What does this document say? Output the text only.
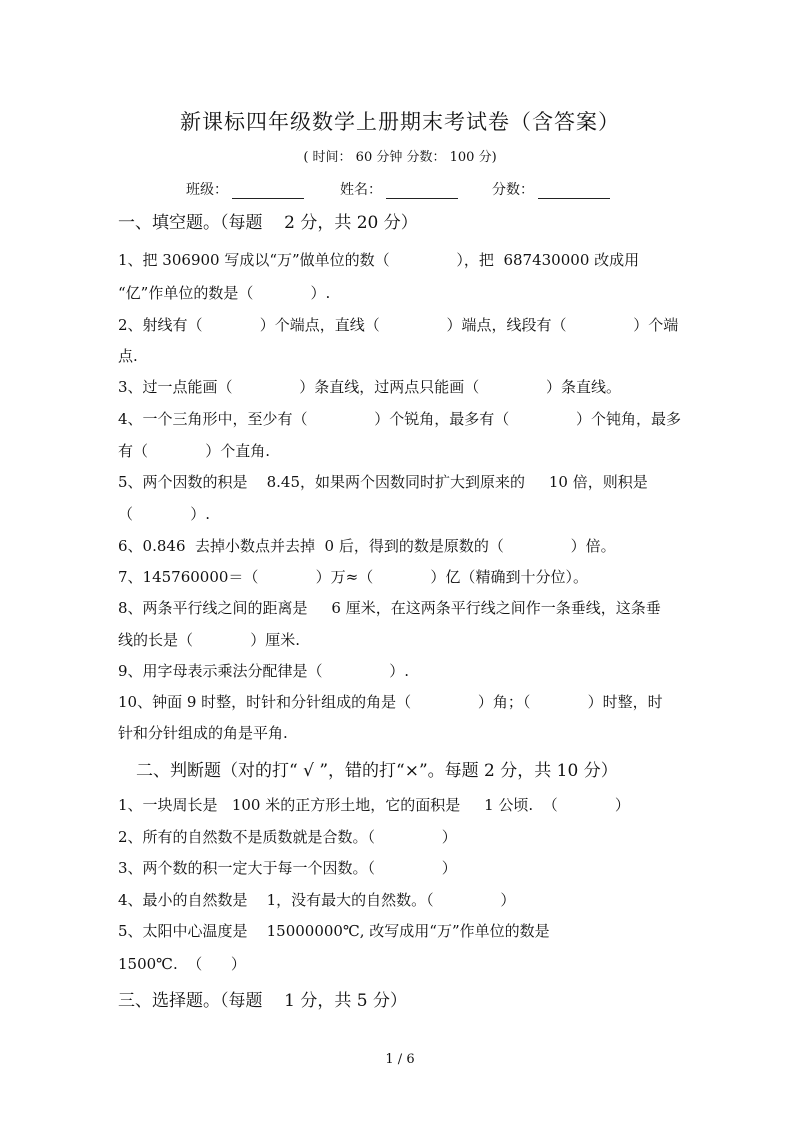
新课标四年级数学上册期末考试卷（含答案）
( 时间： 60 分钟 分数： 100 分)
班级：	姓名：	分数：
一、填空题。（每题    2 分，共 20 分）
1、把 306900 写成以“万”做单位的数（              ），把  687430000 改成用
“亿”作单位的数是（            ）.
2、射线有（            ）个端点，直线（              ）端点，线段有（              ）个端
点.
3、过一点能画（              ）条直线，过两点只能画（              ）条直线。
4、一个三角形中，至少有（              ）个锐角，最多有（              ）个钝角，最多
有（            ）个直角.
5、两个因数的积是    8.45，如果两个因数同时扩大到原来的     10 倍，则积是
（            ）.
6、0.846  去掉小数点并去掉  0 后，得到的数是原数的（              ）倍。
7、145760000＝（            ）万≈（            ）亿（精确到十分位）。
8、两条平行线之间的距离是     6 厘米，在这两条平行线之间作一条垂线，这条垂
线的长是（            ）厘米.
9、用字母表示乘法分配律是（              ）.
10、钟面 9 时整，时针和分针组成的角是（              ）角；（            ）时整，时
针和分针组成的角是平角.
二、判断题（对的打“ √ ”，错的打“×”。每题 2 分，共 10 分）
1、一块周长是   100 米的正方形土地，它的面积是     1 公顷.  （            ）
2、所有的自然数不是质数就是合数。（              ）
3、两个数的积一定大于每一个因数。（              ）
4、最小的自然数是    1，没有最大的自然数。（              ）
5、太阳中心温度是    15000000℃, 改写成用“万”作单位的数是
1500℃.  （      ）
三、选择题。（每题    1 分，共 5 分）
1 / 6
